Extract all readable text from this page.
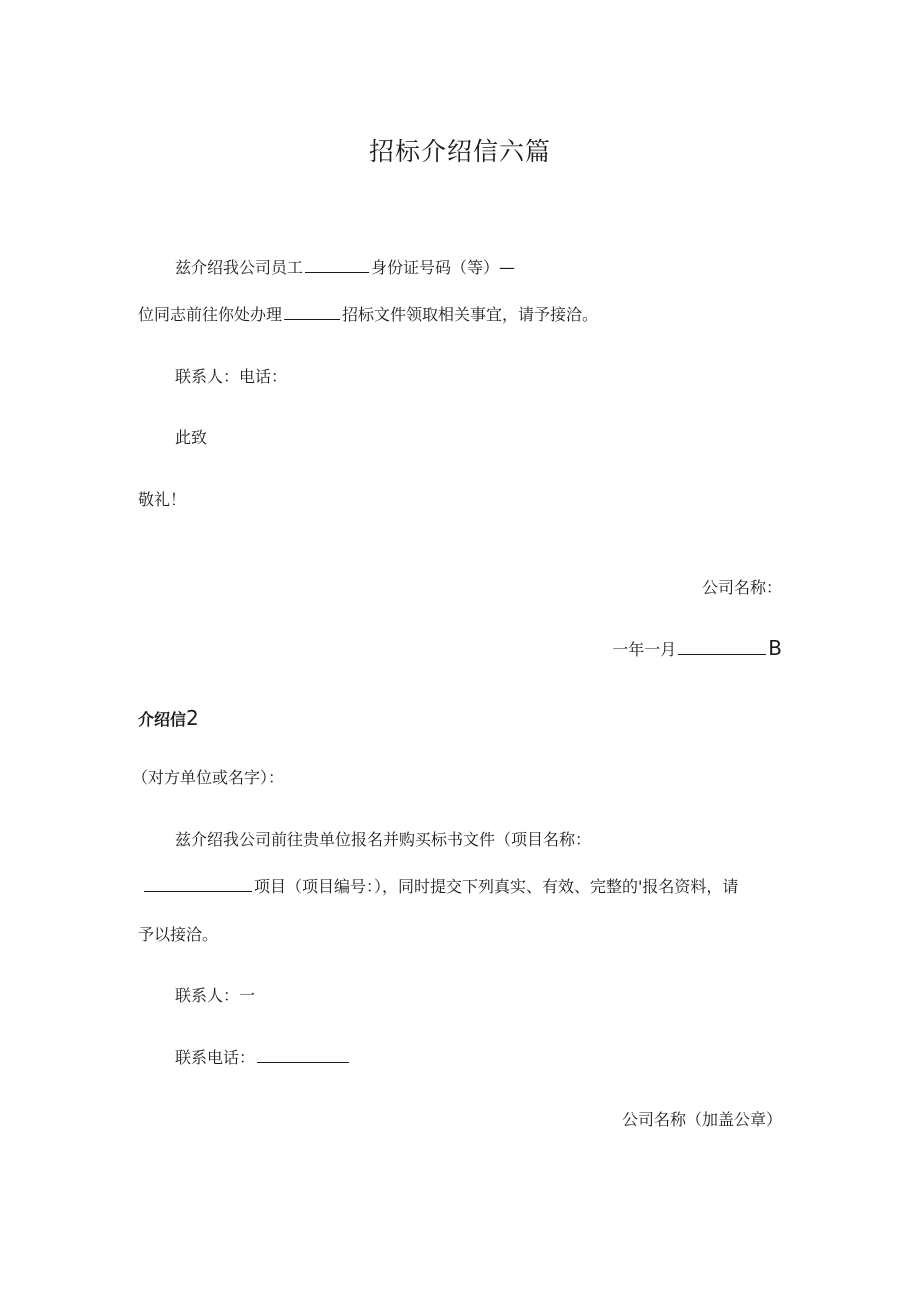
招标介绍信六篇
兹介绍我公司员工	身份证号码（等）—
位同志前往你处办理	招标文件领取相关事宜，请予接洽。
联系人：电话：
此致
敬礼！
公司名称：
一年一月	B
介绍信2
（对方单位或名字）：
兹介绍我公司前往贵单位报名并购买标书文件（项目名称：
项目（项目编号：），同时提交下列真实、有效、完整的'报名资料，请
予以接洽。
联系人：一
联系电话：
公司名称（加盖公章）
